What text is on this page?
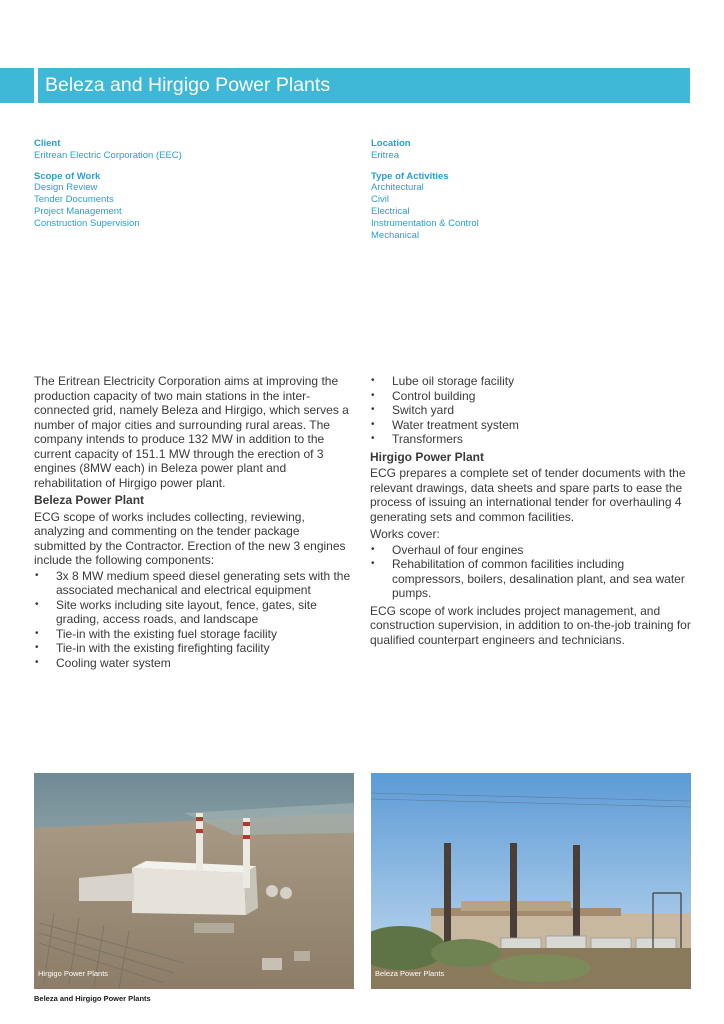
Beleza and Hirgigo Power Plants
Client
Eritrean Electric Corporation (EEC)
Scope of Work
Design Review
Tender Documents
Project Management
Construction Supervision
Location
Eritrea
Type of Activities
Architectural
Civil
Electrical
Instrumentation & Control
Mechanical

The Eritrean Electricity Corporation aims at improving the production capacity of two main stations in the inter-connected grid, namely Beleza and Hirgigo, which serves a number of major cities and surrounding rural areas. The company intends to produce 132 MW in addition to the current capacity of 151.1 MW through the erection of 3 engines (8MW each) in Beleza power plant and rehabilitation of Hirgigo power plant.

Beleza Power Plant

ECG scope of works includes collecting, reviewing, analyzing and commenting on the tender package submitted by the Contractor. Erection of the new 3 engines include the following components:

• 3x 8 MW medium speed diesel generating sets with the associated mechanical and electrical equipment
• Site works including site layout, fence, gates, site grading, access roads, and landscape
• Tie-in with the existing fuel storage facility
• Tie-in with the existing firefighting facility
• Cooling water system
• Lube oil storage facility
• Control building
• Switch yard
• Water treatment system
• Transformers
Hirgigo Power Plant

ECG prepares a complete set of tender documents with the relevant drawings, data sheets and spare parts to ease the process of issuing an international tender for overhauling 4 generating sets and common facilities.

Works cover:

• Overhaul of four engines
• Rehabilitation of common facilities including compressors, boilers, desalination plant, and sea water pumps.

ECG scope of work includes project management, and construction supervision, in addition to on-the-job training for qualified counterpart engineers and technicians.

Hirgigo Power Plants	Beleza Power Plants
Beleza and Hirgigo Power Plants
